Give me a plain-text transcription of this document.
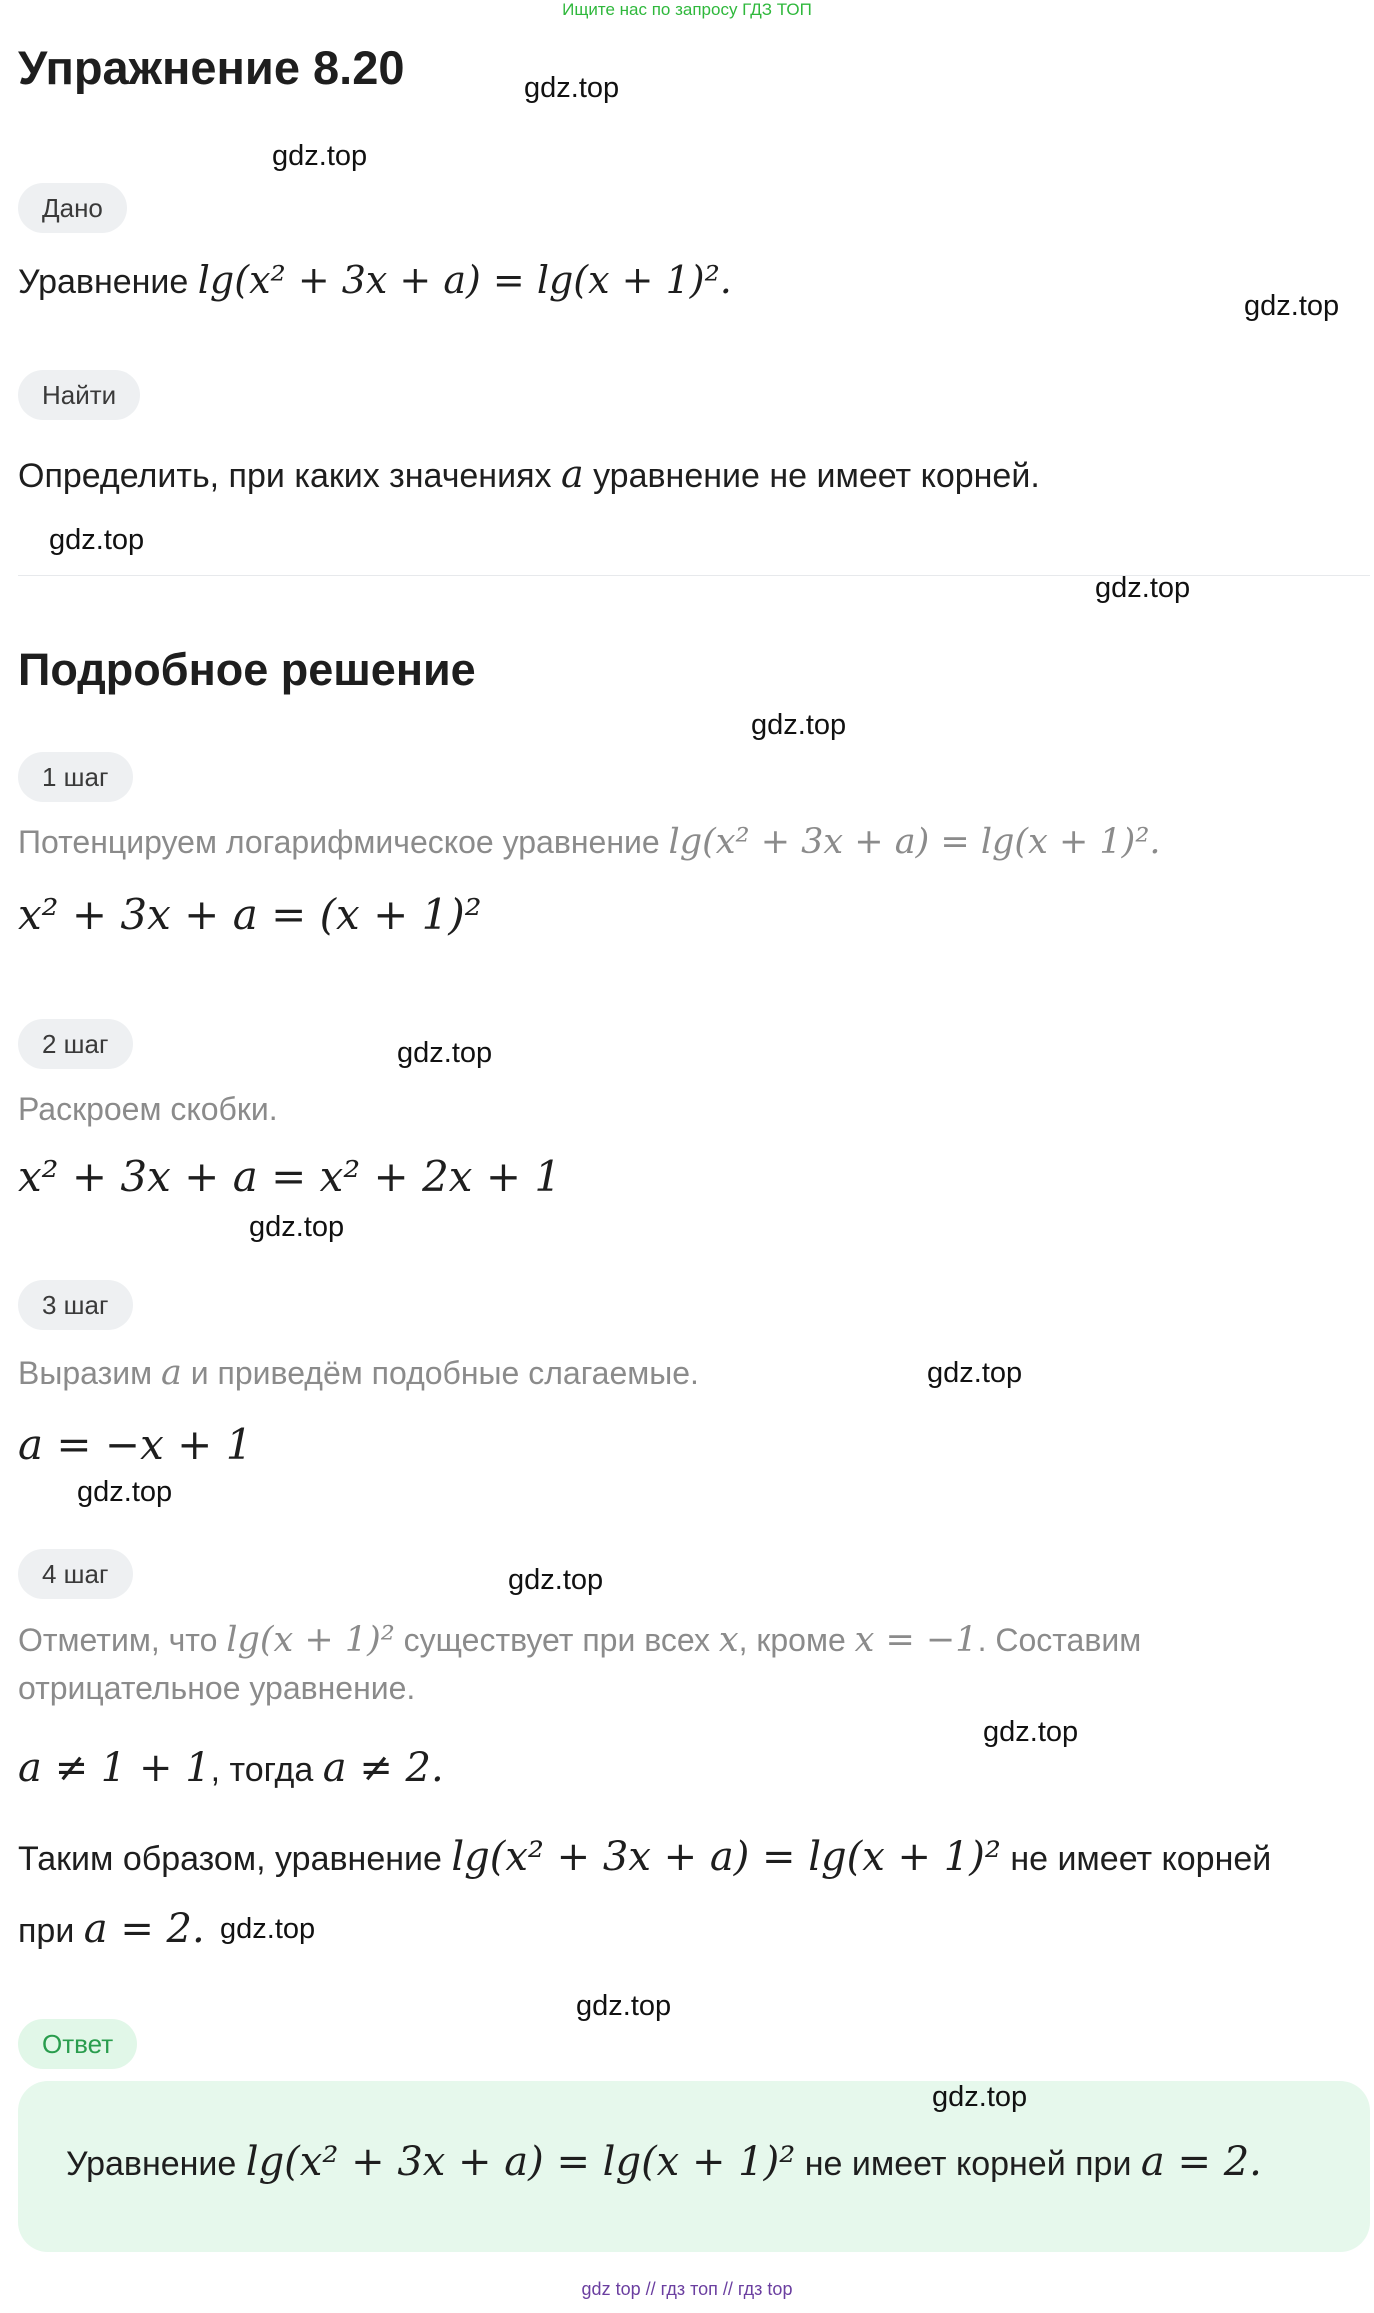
Ищите нас по запросу ГДЗ ТОП
Упражнение 8.20
Дано
Уравнение lg(x² + 3x + a) = lg(x + 1)².
Найти
Определить, при каких значениях a уравнение не имеет корней.
Подробное решение
1 шаг
Потенцируем логарифмическое уравнение lg(x² + 3x + a) = lg(x + 1)².
x² + 3x + a = (x + 1)²
2 шаг
Раскроем скобки.
x² + 3x + a = x² + 2x + 1
3 шаг
Выразим a и приведём подобные слагаемые.
a = −x + 1
4 шаг
Отметим, что lg(x + 1)² существует при всех x, кроме x = −1. Составим
отрицательное уравнение.
a ≠ 1 + 1, тогда a ≠ 2.
Таким образом, уравнение lg(x² + 3x + a) = lg(x + 1)² не имеет корней
при a = 2.
Ответ
Уравнение lg(x² + 3x + a) = lg(x + 1)² не имеет корней при a = 2.
gdz.top
gdz.top
gdz.top
gdz.top
gdz.top
gdz.top
gdz.top
gdz.top
gdz.top
gdz.top
gdz.top
gdz.top
gdz.top
gdz.top
gdz.top
gdz top // гдз топ // гдз top
